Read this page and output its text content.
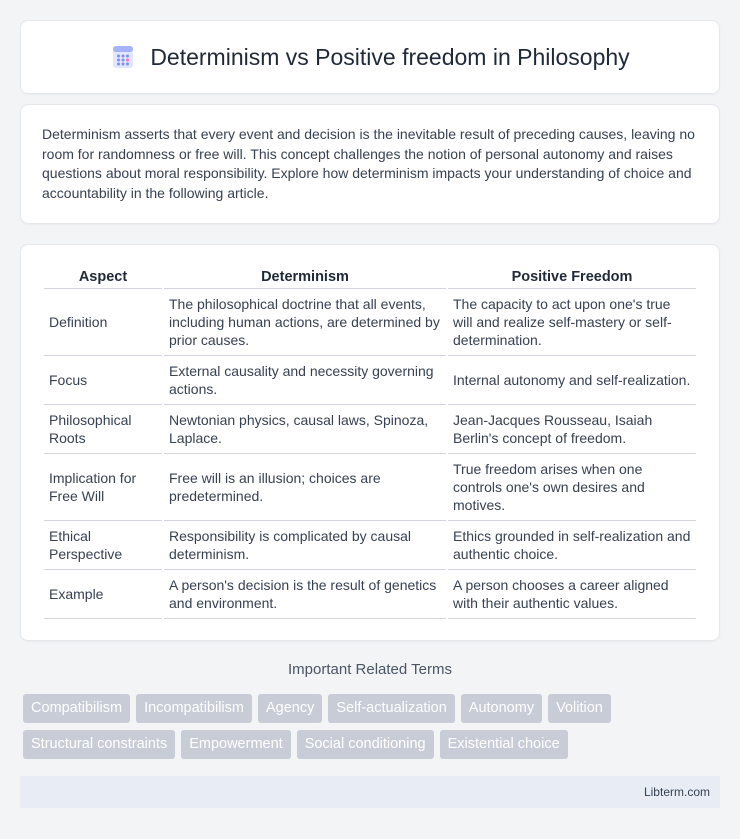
Determinism vs Positive freedom in Philosophy

Determinism asserts that every event and decision is the inevitable result of preceding causes, leaving no room for randomness or free will. This concept challenges the notion of personal autonomy and raises questions about moral responsibility. Explore how determinism impacts your understanding of choice and accountability in the following article.

Aspect	Determinism	Positive Freedom
Definition	The philosophical doctrine that all events, including human actions, are determined by prior causes.	The capacity to act upon one's true will and realize self-mastery or self-determination.
Focus	External causality and necessity governing actions.	Internal autonomy and self-realization.
Philosophical Roots	Newtonian physics, causal laws, Spinoza, Laplace.	Jean-Jacques Rousseau, Isaiah Berlin's concept of freedom.
Implication for Free Will	Free will is an illusion; choices are predetermined.	True freedom arises when one controls one's own desires and motives.
Ethical Perspective	Responsibility is complicated by causal determinism.	Ethics grounded in self-realization and authentic choice.
Example	A person's decision is the result of genetics and environment.	A person chooses a career aligned with their authentic values.
Important Related Terms
Compatibilism	Incompatibilism	Agency	Self-actualization	Autonomy	Volition
Structural constraints	Empowerment	Social conditioning	Existential choice
Libterm.com
